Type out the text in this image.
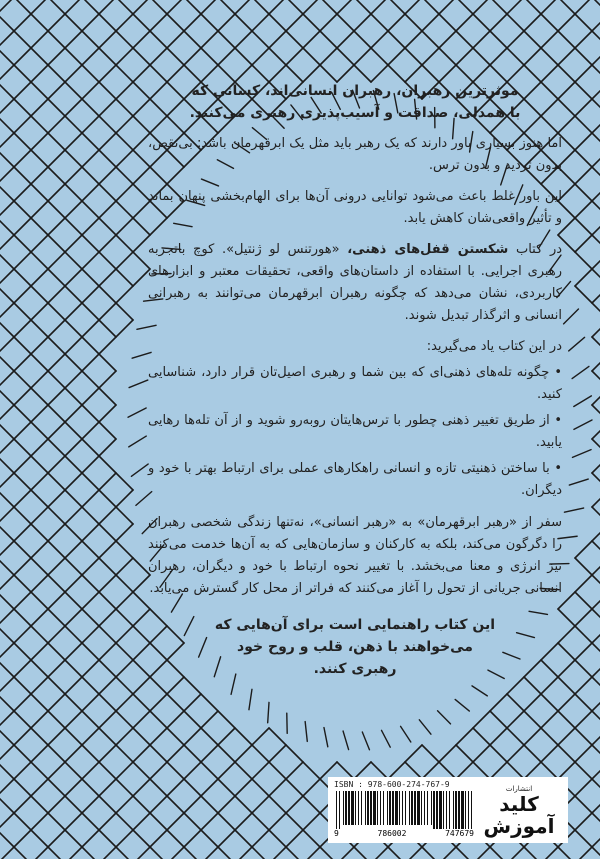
موثرترین رهبران، رهبران انسانی‌اند، کسانی که
با همدلی، صداقت و آسیب‌پذیری رهبری می‌کنند.

اما هنوز بسیاری باور دارند که یک رهبر باید مثل یک ابرقهرمان باشد: بی‌نقص، بدون تردید و بدون ترس.

این باور غلط باعث می‌شود توانایی درونی آن‌ها برای الهام‌بخشی پنهان بماند و تأثیر واقعی‌شان کاهش یابد.

در کتاب شکستن قفل‌های ذهنی، «هورتنس لو ژنتیل». کوچ باتجربه رهبری اجرایی. با استفاده از داستان‌های واقعی، تحقیقات معتبر و ابزارهای کاربردی، نشان می‌دهد که چگونه رهبران ابرقهرمان می‌توانند به رهبرانی انسانی و اثرگذار تبدیل شوند.

در این کتاب یاد می‌گیرید:

• چگونه تله‌های ذهنی‌ای که بین شما و رهبری اصیل‌تان قرار دارد، شناسایی کنید.
• از طریق تغییر ذهنی چطور با ترس‌هایتان روبه‌رو شوید و از آن تله‌ها رهایی یابید.
• با ساختن ذهنیتی تازه و انسانی راهکارهای عملی برای ارتباط بهتر با خود و دیگران.

سفر از «رهبر ابرقهرمان» به «رهبر انسانی»، نه‌تنها زندگی شخصی رهبران را دگرگون می‌کند، بلکه به کارکنان و سازمان‌هایی که به آن‌ها خدمت می‌کنند نیز انرژی و معنا می‌بخشد. با تغییر نحوه ارتباط با خود و دیگران، رهبران انسانی جریانی از تحول را آغاز می‌کنند که فراتر از محل کار گسترش می‌یابد.

این کتاب راهنمایی است برای آن‌هایی که
می‌خواهند با ذهن، قلب و روح خود
رهبری کنند.

ISBN : 978-600-274-767-9
9	786002	747679
انتشارات
کلید
آموزش
